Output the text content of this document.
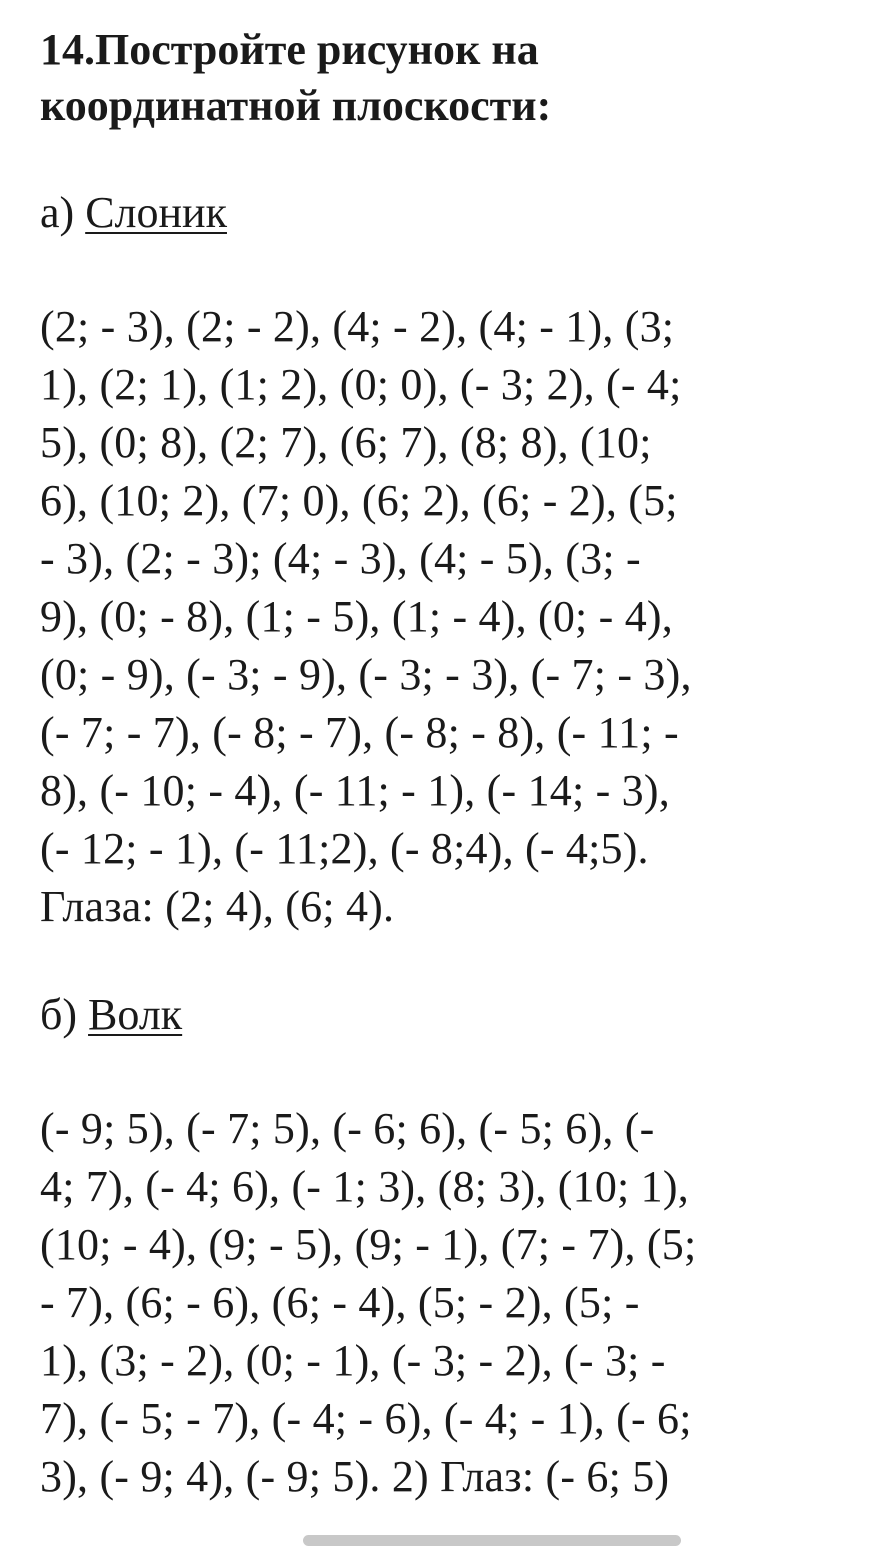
14.Постройте рисунок на
координатной плоскости:

а) Слоник

(2; - 3), (2; - 2), (4; - 2), (4; - 1), (3;
1), (2; 1), (1; 2), (0; 0), (- 3; 2), (- 4;
5), (0; 8), (2; 7), (6; 7), (8; 8), (10;
6), (10; 2), (7; 0), (6; 2), (6; - 2), (5;
- 3), (2; - 3); (4; - 3), (4; - 5), (3; -
9), (0; - 8), (1; - 5), (1; - 4), (0; - 4),
(0; - 9), (- 3; - 9), (- 3; - 3), (- 7; - 3),
(- 7; - 7), (- 8; - 7), (- 8; - 8), (- 11; -
8), (- 10; - 4), (- 11; - 1), (- 14; - 3),
(- 12; - 1), (- 11;2), (- 8;4), (- 4;5).
Глаза: (2; 4), (6; 4).

б) Волк

(- 9; 5), (- 7; 5), (- 6; 6), (- 5; 6), (-
4; 7), (- 4; 6), (- 1; 3), (8; 3), (10; 1),
(10; - 4), (9; - 5), (9; - 1), (7; - 7), (5;
- 7), (6; - 6), (6; - 4), (5; - 2), (5; -
1), (3; - 2), (0; - 1), (- 3; - 2), (- 3; -
7), (- 5; - 7), (- 4; - 6), (- 4; - 1), (- 6;
3), (- 9; 4), (- 9; 5). 2) Глаз: (- 6; 5)
